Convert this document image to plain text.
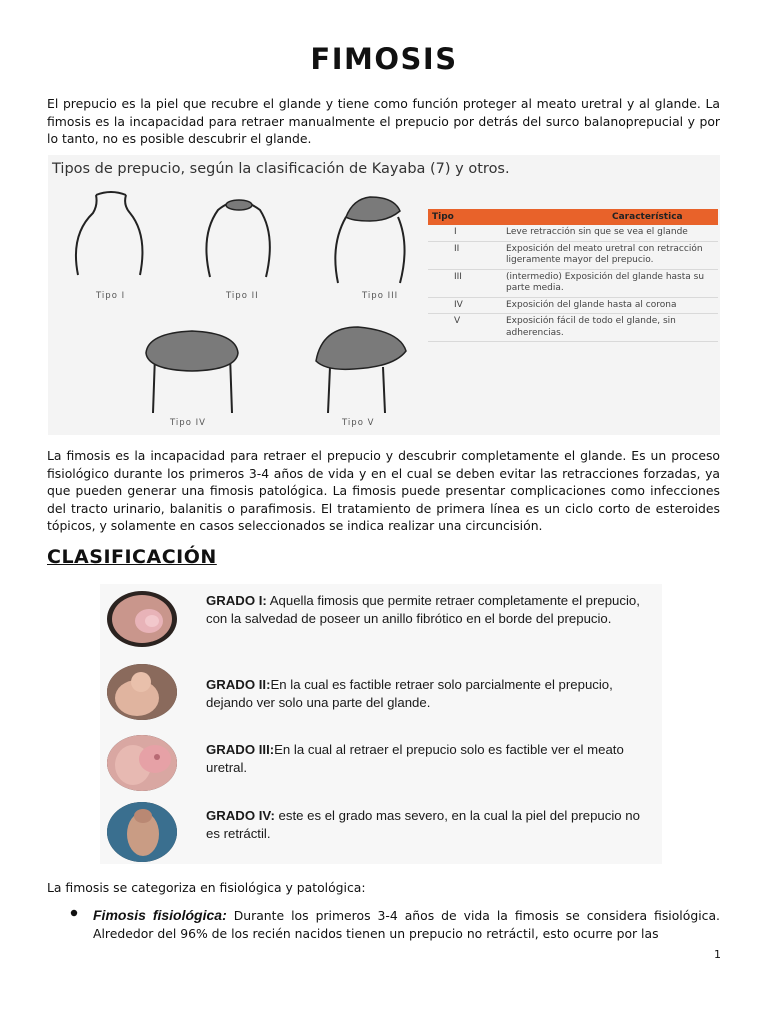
FIMOSIS

El prepucio es la piel que recubre el glande y tiene como función proteger al meato uretral y al glande. La fimosis es la incapacidad para retraer manualmente el prepucio por detrás del surco balanoprepucial y por lo tanto, no es posible descubrir el glande.

Tipos de prepucio, según la clasificación de Kayaba (7) y otros.
Tipo I	Tipo II	Tipo III
Tipo IV	Tipo V
Tipo	Característica
I	Leve retracción sin que se vea el glande
II	Exposición del meato uretral con retracción ligeramente mayor del prepucio.
III	(intermedio) Exposición del glande hasta su parte media.
IV	Exposición del glande hasta al corona
V	Exposición fácil de todo el glande, sin adherencias.

La fimosis es la incapacidad para retraer el prepucio y descubrir completamente el glande. Es un proceso fisiológico durante los primeros 3-4 años de vida y en el cual se deben evitar las retracciones forzadas, ya que pueden generar una fimosis patológica. La fimosis puede presentar complicaciones como infecciones del tracto urinario, balanitis o parafimosis. El tratamiento de primera línea es un ciclo corto de esteroides tópicos, y solamente en casos seleccionados se indica realizar una circuncisión.

CLASIFICACIÓN
GRADO I: Aquella fimosis que permite retraer completamente el prepucio, con la salvedad de poseer un anillo fibrótico en el borde del prepucio.
GRADO II:En la cual es factible retraer solo parcialmente el prepucio, dejando ver solo una parte del glande.
GRADO III:En la cual al retraer el prepucio solo es factible ver el meato uretral.
GRADO IV: este es el grado mas severo, en la cual la piel del prepucio no es retráctil.

La fimosis se categoriza en fisiológica y patológica:

Fimosis fisiológica: Durante los primeros 3-4 años de vida la fimosis se considera fisiológica. Alrededor del 96% de los recién nacidos tienen un prepucio no retráctil, esto ocurre por las

1
